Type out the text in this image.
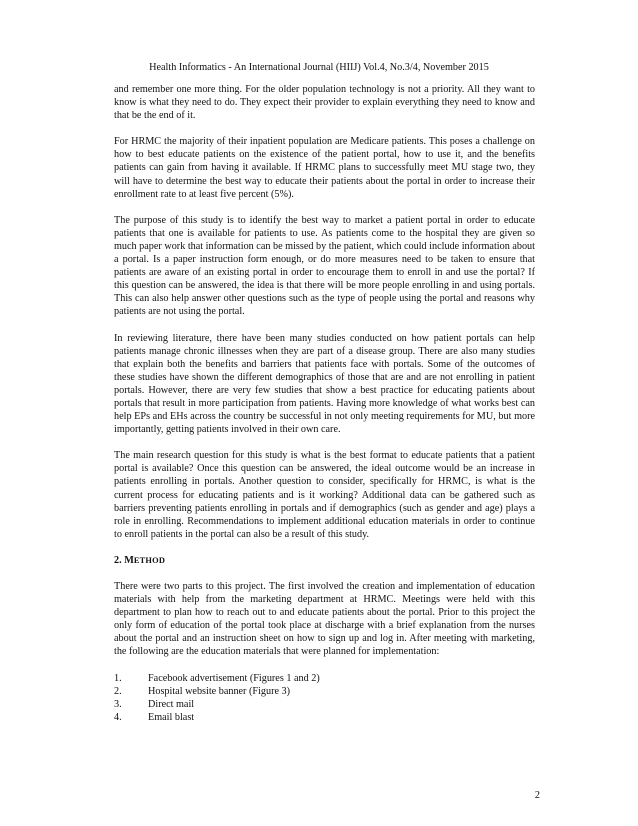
Health Informatics - An International Journal (HIIJ) Vol.4, No.3/4, November 2015

and remember one more thing. For the older population technology is not a priority. All they want to know is what they need to do. They expect their provider to explain everything they need to know and that be the end of it.

For HRMC the majority of their inpatient population are Medicare patients. This poses a challenge on how to best educate patients on the existence of the patient portal, how to use it, and the benefits patients can gain from having it available. If HRMC plans to successfully meet MU stage two, they will have to determine the best way to educate their patients about the portal in order to increase their enrollment rate to at least five percent (5%).

The purpose of this study is to identify the best way to market a patient portal in order to educate patients that one is available for patients to use. As patients come to the hospital they are given so much paper work that information can be missed by the patient, which could include information about a portal. Is a paper instruction form enough, or do more measures need to be taken to ensure that patients are aware of an existing portal in order to encourage them to enroll in and use the portal? If this question can be answered, the idea is that there will be more people enrolling in and using portals. This can also help answer other questions such as the type of people using the portal and reasons why patients are not using the portal.

In reviewing literature, there have been many studies conducted on how patient portals can help patients manage chronic illnesses when they are part of a disease group. There are also many studies that explain both the benefits and barriers that patients face with portals. Some of the outcomes of these studies have shown the different demographics of those that are and are not enrolling in patient portals. However, there are very few studies that show a best practice for educating patients about portals that result in more participation from patients. Having more knowledge of what works best can help EPs and EHs across the country be successful in not only meeting requirements for MU, but more importantly, getting patients involved in their own care.

The main research question for this study is what is the best format to educate patients that a patient portal is available? Once this question can be answered, the ideal outcome would be an increase in patients enrolling in portals. Another question to consider, specifically for HRMC, is what is the current process for educating patients and is it working? Additional data can be gathered such as barriers preventing patients enrolling in portals and if demographics (such as gender and age) plays a role in enrolling. Recommendations to implement additional education materials in order to continue to enroll patients in the portal can also be a result of this study.

2. METHOD

There were two parts to this project. The first involved the creation and implementation of education materials with help from the marketing department at HRMC. Meetings were held with this department to plan how to reach out to and educate patients about the portal. Prior to this project the only form of education of the portal took place at discharge with a brief explanation from the nurses about the portal and an instruction sheet on how to sign up and log in. After meeting with marketing, the following are the education materials that were planned for implementation:

1.	Facebook advertisement (Figures 1 and 2)
2.	Hospital website banner (Figure 3)
3.	Direct mail
4.	Email blast
2
